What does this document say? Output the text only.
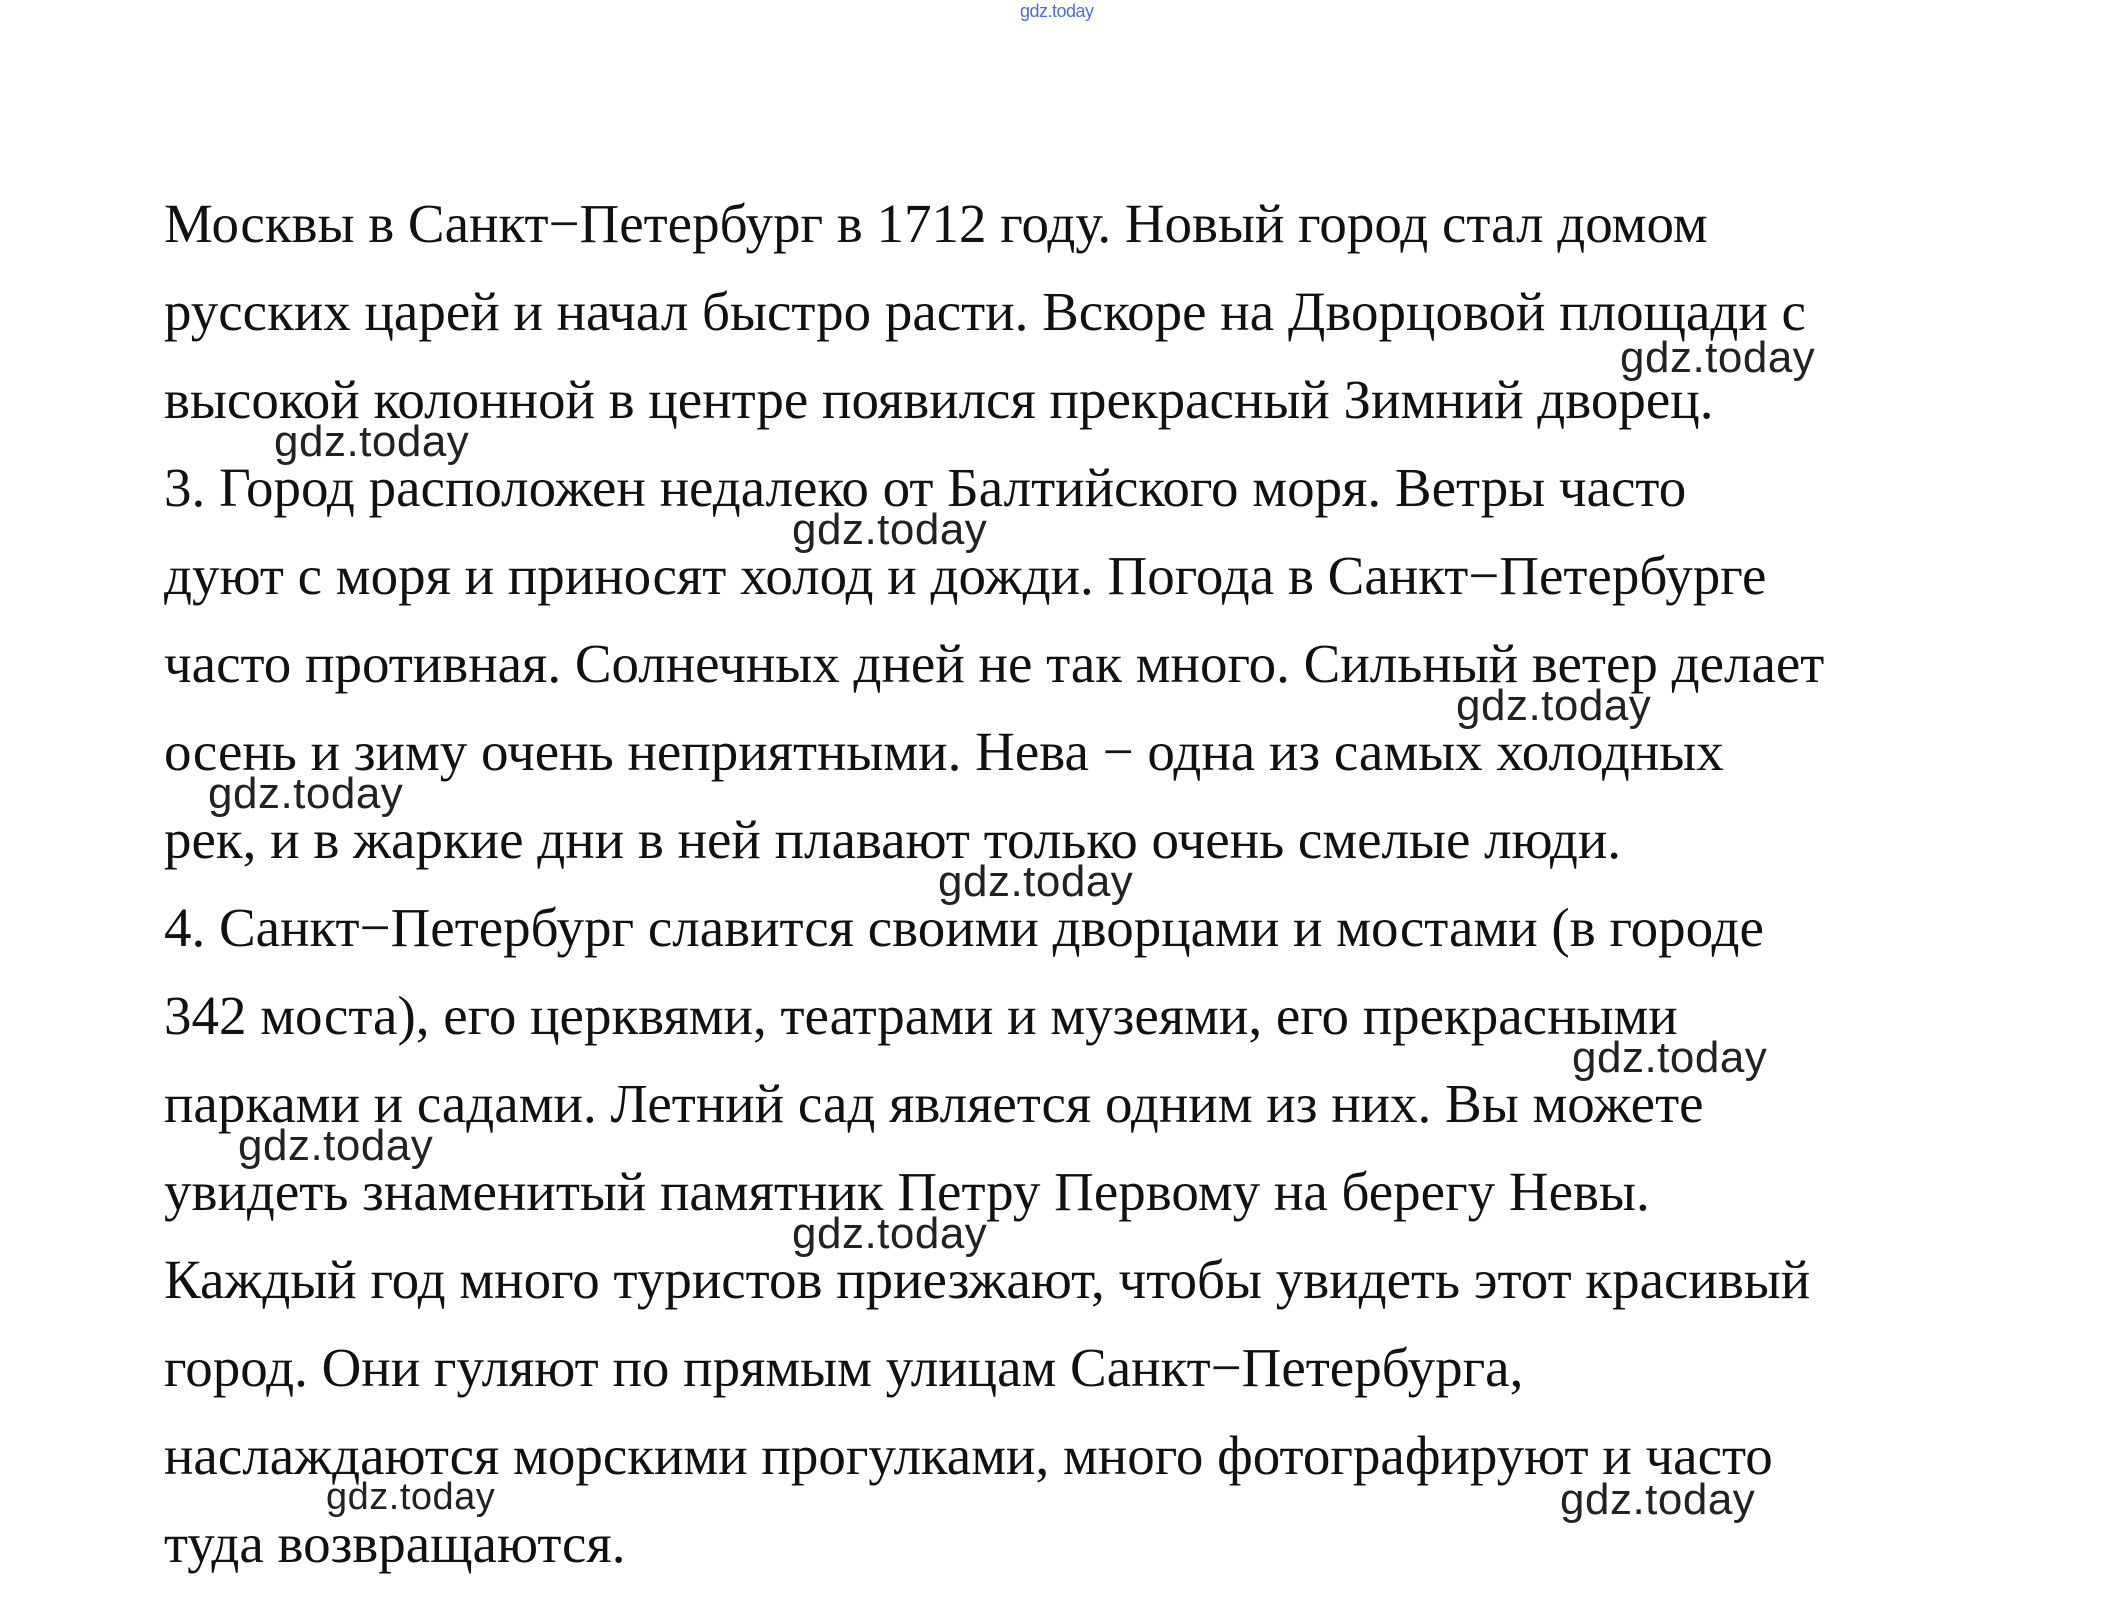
gdz.today
Москвы в Санкт−Петербург в 1712 году. Новый город стал домом
русских царей и начал быстро расти. Вскоре на Дворцовой площади с
высокой колонной в центре появился прекрасный Зимний дворец.
3. Город расположен недалеко от Балтийского моря. Ветры часто
дуют с моря и приносят холод и дожди. Погода в Санкт−Петербурге
часто противная. Солнечных дней не так много. Сильный ветер делает
осень и зиму очень неприятными. Нева − одна из самых холодных
рек, и в жаркие дни в ней плавают только очень смелые люди.
4. Санкт−Петербург славится своими дворцами и мостами (в городе
342 моста), его церквями, театрами и музеями, его прекрасными
парками и садами. Летний сад является одним из них. Вы можете
увидеть знаменитый памятник Петру Первому на берегу Невы.
Каждый год много туристов приезжают, чтобы увидеть этот красивый
город. Они гуляют по прямым улицам Санкт−Петербурга,
наслаждаются морскими прогулками, много фотографируют и часто
туда возвращаются.
gdz.today
gdz.today
gdz.today
gdz.today
gdz.today
gdz.today
gdz.today
gdz.today
gdz.today
gdz.today	gdz.today
